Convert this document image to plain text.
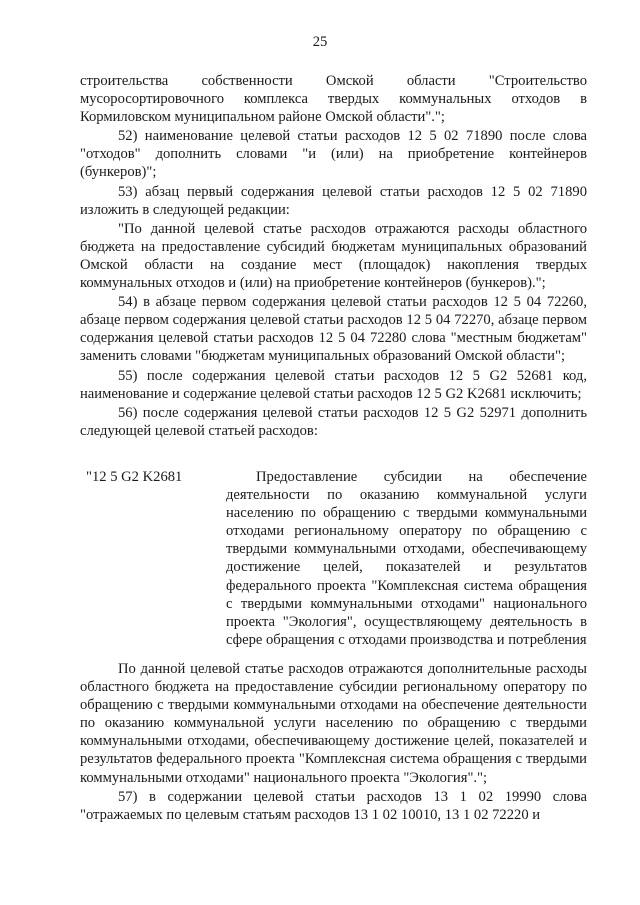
25

строительства собственности Омской области "Строительство мусоросортировочного комплекса твердых коммунальных отходов в Кормиловском муниципальном районе Омской области".";

52) наименование целевой статьи расходов 12 5 02 71890 после слова "отходов" дополнить словами "и (или) на приобретение контейнеров (бункеров)";

53) абзац первый содержания целевой статьи расходов 12 5 02 71890 изложить в следующей редакции:

"По данной целевой статье расходов отражаются расходы областного бюджета на предоставление субсидий бюджетам муниципальных образований Омской области на создание мест (площадок) накопления твердых коммунальных отходов и (или) на приобретение контейнеров (бункеров).";

54) в абзаце первом содержания целевой статьи расходов 12 5 04 72260, абзаце первом содержания целевой статьи расходов 12 5 04 72270, абзаце первом содержания целевой статьи расходов 12 5 04 72280 слова "местным бюджетам" заменить словами "бюджетам муниципальных образований Омской области";

55) после содержания целевой статьи расходов 12 5 G2 52681 код, наименование и содержание целевой статьи расходов 12 5 G2 K2681 исключить;

56) после содержания целевой статьи расходов 12 5 G2 52971 дополнить следующей целевой статьей расходов:

"12 5 G2 K2681	Предоставление субсидии на обеспечение деятельности по оказанию коммунальной услуги населению по обращению с твердыми коммунальными отходами региональному оператору по обращению с твердыми коммунальными отходами, обеспечивающему достижение целей, показателей и результатов федерального проекта "Комплексная система обращения с твердыми коммунальными отходами" национального проекта "Экология", осуществляющему деятельность в сфере обращения с отходами производства и потребления

По данной целевой статье расходов отражаются дополнительные расходы областного бюджета на предоставление субсидии региональному оператору по обращению с твердыми коммунальными отходами на обеспечение деятельности по оказанию коммунальной услуги населению по обращению с твердыми коммунальными отходами, обеспечивающему достижение целей, показателей и результатов федерального проекта "Комплексная система обращения с твердыми коммунальными отходами" национального проекта "Экология".";

57) в содержании целевой статьи расходов 13 1 02 19990 слова "отражаемых по целевым статьям расходов 13 1 02 10010, 13 1 02 72220 и
